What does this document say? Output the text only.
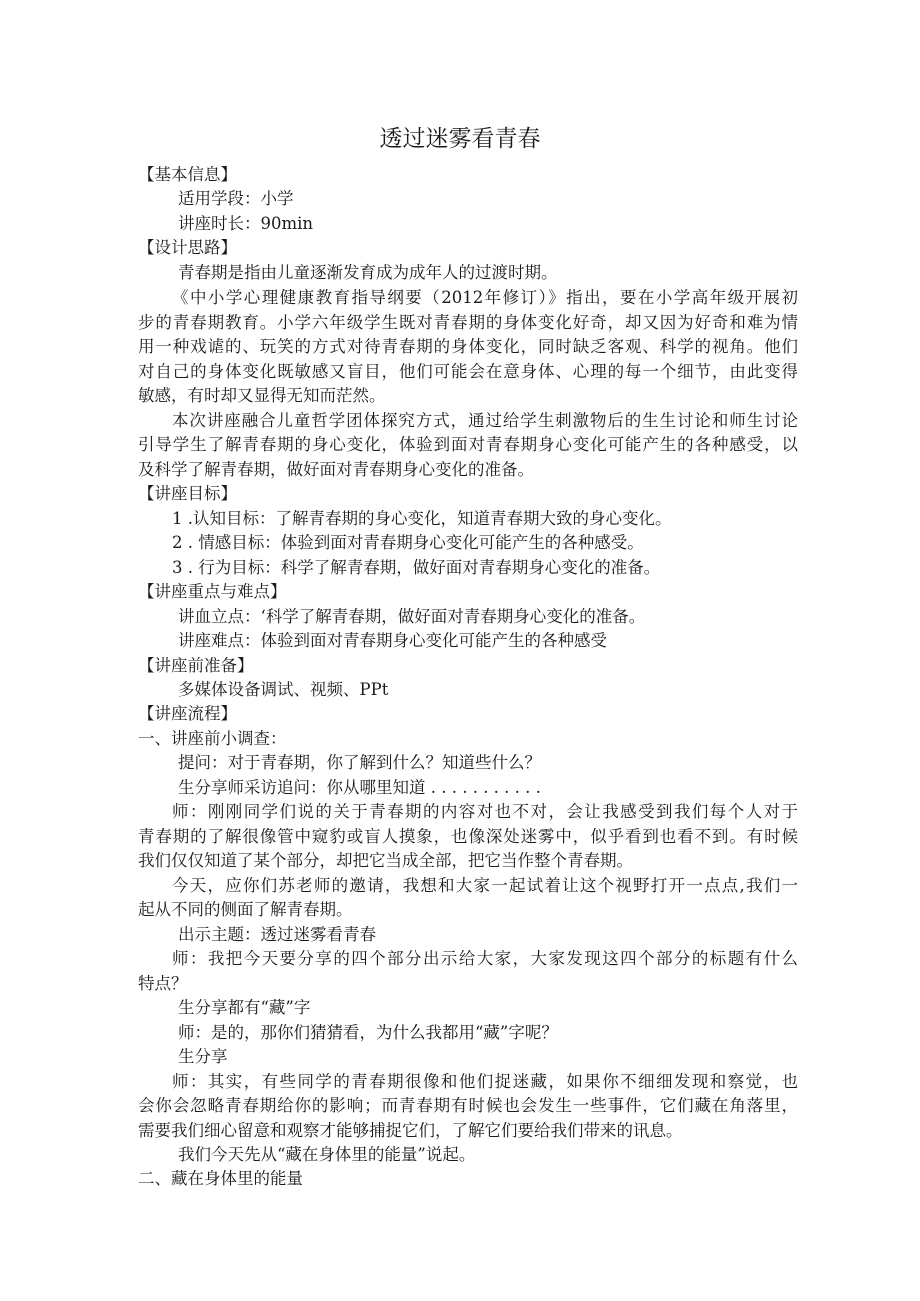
透过迷雾看青春
【基本信息】
适用学段：小学
讲座时长：90min
【设计思路】
青春期是指由儿童逐渐发育成为成年人的过渡时期。
《中小学心理健康教育指导纲要（2012年修订）》指出，要在小学高年级开展初
步的青春期教育。小学六年级学生既对青春期的身体变化好奇，却又因为好奇和难为情
用一种戏谑的、玩笑的方式对待青春期的身体变化，同时缺乏客观、科学的视角。他们
对自己的身体变化既敏感又盲目，他们可能会在意身体、心理的每一个细节，由此变得
敏感，有时却又显得无知而茫然。
本次讲座融合儿童哲学团体探究方式，通过给学生刺激物后的生生讨论和师生讨论
引导学生了解青春期的身心变化，体验到面对青春期身心变化可能产生的各种感受，以
及科学了解青春期，做好面对青春期身心变化的准备。
【讲座目标】
1 .认知目标：了解青春期的身心变化，知道青春期大致的身心变化。
2 . 情感目标：体验到面对青春期身心变化可能产生的各种感受。
3 . 行为目标：科学了解青春期，做好面对青春期身心变化的准备。
【讲座重点与难点】
讲血立点：‘科学了解青春期，做好面对青春期身心变化的准备。
讲座难点：体验到面对青春期身心变化可能产生的各种感受
【讲座前准备】
多媒体设备调试、视频、PPt
【讲座流程】
一、讲座前小调查：
提问：对于青春期，你了解到什么？知道些什么？
生分享师采访追问：你从哪里知道 . . . . . . . . . . .
师：刚刚同学们说的关于青春期的内容对也不对，会让我感受到我们每个人对于
青春期的了解很像管中窥豹或盲人摸象，也像深处迷雾中，似乎看到也看不到。有时候
我们仅仅知道了某个部分，却把它当成全部，把它当作整个青春期。
今天，应你们苏老师的邀请，我想和大家一起试着让这个视野打开一点点,我们一
起从不同的侧面了解青春期。
出示主题：透过迷雾看青春
师：我把今天要分享的四个部分出示给大家，大家发现这四个部分的标题有什么
特点？
生分享都有“藏”字
师：是的，那你们猜猜看，为什么我都用“藏”字呢？
生分享
师：其实，有些同学的青春期很像和他们捉迷藏，如果你不细细发现和察觉，也
会你会忽略青春期给你的影响；而青春期有时候也会发生一些事件，它们藏在角落里，
需要我们细心留意和观察才能够捕捉它们，了解它们要给我们带来的讯息。
我们今天先从“藏在身体里的能量”说起。
二、藏在身体里的能量
